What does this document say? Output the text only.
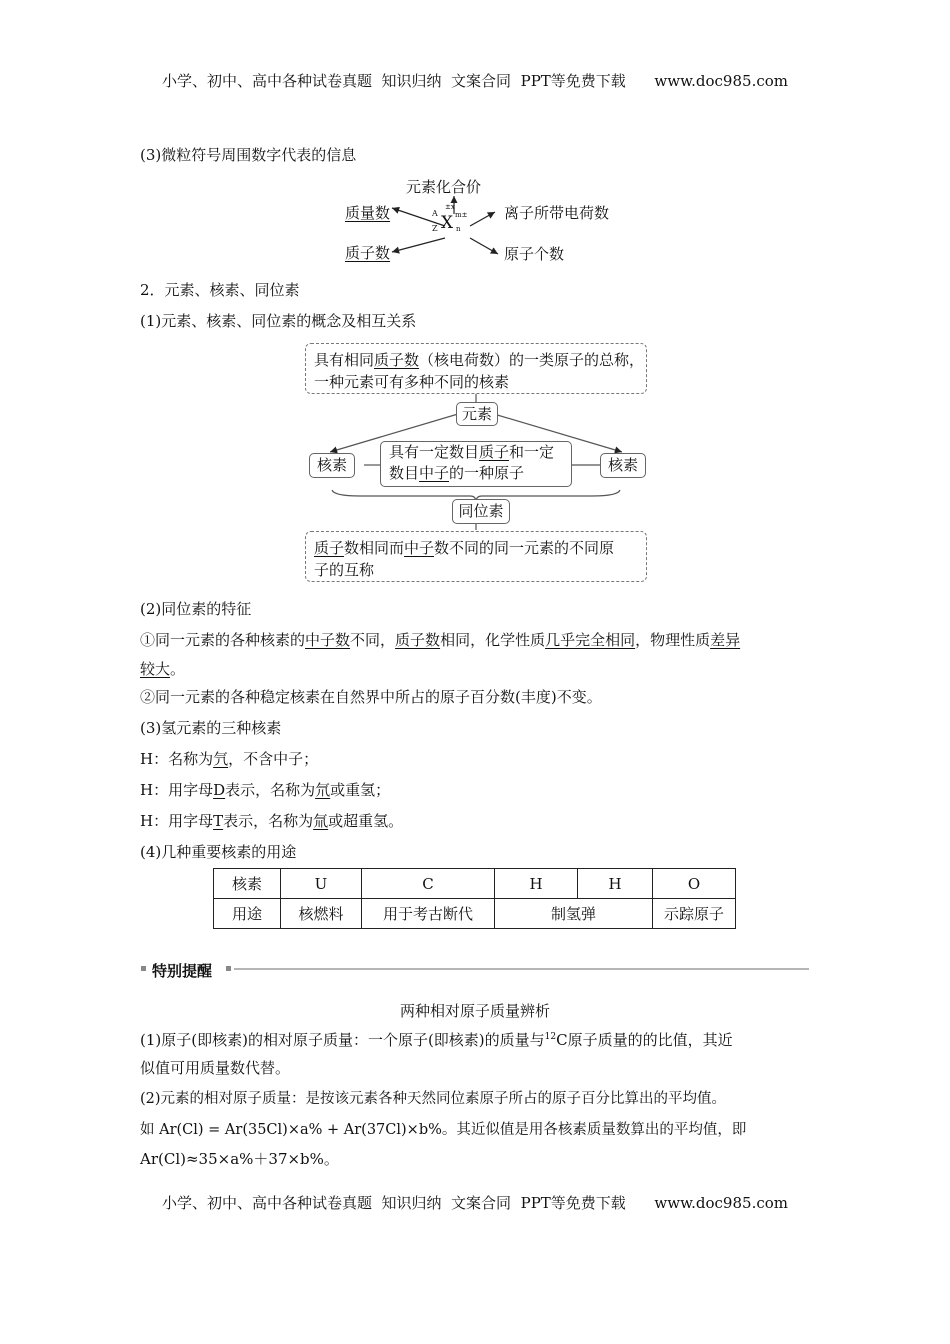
小学、初中、高中各种试卷真题  知识归纳  文案合同  PPT等免费下载      www.doc985.com
小学、初中、高中各种试卷真题  知识归纳  文案合同  PPT等免费下载      www.doc985.com
(3)微粒符号周围数字代表的信息
元素化合价
质量数	离子所带电荷数
质子数	原子个数
A
Z X
±x
m±
n
2．元素、核素、同位素
(1)元素、核素、同位素的概念及相互关系
具有相同质子数（核电荷数）的一类原子的总称，
一种元素可有多种不同的核素
元素
核素	核素
具有一定数目质子和一定
数目中子的一种原子
同位素
质子数相同而中子数不同的同一元素的不同原
子的互称
(2)同位素的特征
①同一元素的各种核素的中子数不同，质子数相同，化学性质几乎完全相同，物理性质差异
较大。
②同一元素的各种稳定核素在自然界中所占的原子百分数(丰度)不变。
(3)氢元素的三种核素
H：名称为氕，不含中子；
H：用字母D表示，名称为氘或重氢；
H：用字母T表示，名称为氚或超重氢。
(4)几种重要核素的用途
核素	U	C	H	H	O
用途	核燃料	用于考古断代	制氢弹		示踪原子
特别提醒
两种相对原子质量辨析
(1)原子(即核素)的相对原子质量：一个原子(即核素)的质量与$^{12}$C原子质量的的比值，其近
似值可用质量数代替。
(2)元素的相对原子质量：是按该元素各种天然同位素原子所占的原子百分比算出的平均值。
如 Ar(Cl) = Ar(35Cl)×a% + Ar(37Cl)×b%。其近似值是用各核素质量数算出的平均值，即
Ar(Cl)≈35×a%＋37×b%。
